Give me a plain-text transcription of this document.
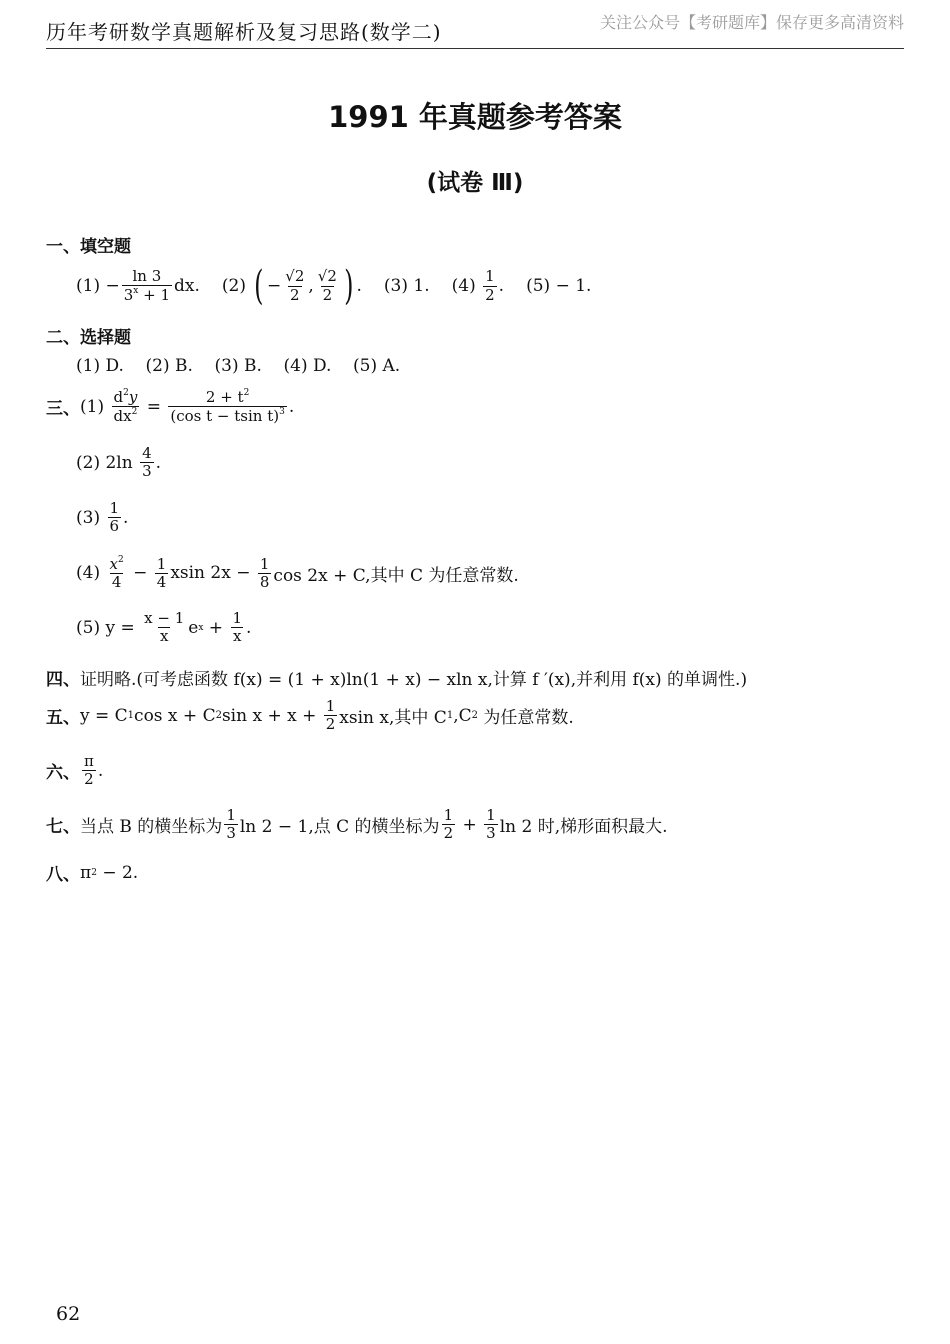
历年考研数学真题解析及复习思路(数学二)	关注公众号【考研题库】保存更多高清资料
1991 年真题参考答案
(试卷 Ⅲ)
一、填空题
(1)
− $\frac{\ln 3}{3^x + 1}$ dx. (2)
( − $\frac{√2}{2}$ , $\frac{√2}{2}$ ) . (3) 1. (4)
$\frac{1}{2}$ . (5) − 1.
二、选择题
(1) D.    (2) B.    (3) B.    (4) D.    (5) A.
三、 (1)
$\frac{d^2y}{dx^2} = \frac{2 + t^2}{(\cos t - tsin t)^3}$ .
(2) 2ln
$\frac{4}{3}$ .
(3)
$\frac{1}{6}$ .
(4)
$\frac{x^2}{4} - \frac{1}{4}$ xsin $2x - \frac{1}{8}$ cos 2x + C,其中 C 为任意常数.
(5) $y = \frac{x - 1}{x}$ e $x + \frac{1}{x}$ .
四、 证明略.(可考虑函数 f(x) = (1 + x)ln(1 + x) − xln x,计算 f ′(x),并利用 f(x) 的单调性.)
五、 y = C 1 cos x + C 2 $\sin x + x + \frac{1}{2}$ xsin x,其中 C 1 ,C 2 为任意常数.
六、 $\frac{\pi}{2}$ .
七、 当点 B 的横坐标为 $\frac{1}{3}$ ln 2 − 1,点 C 的横坐标为 $\frac{1}{2} + \frac{1}{3}$ ln 2 时,梯形面积最大.
八、 π 2 − 2.
62
